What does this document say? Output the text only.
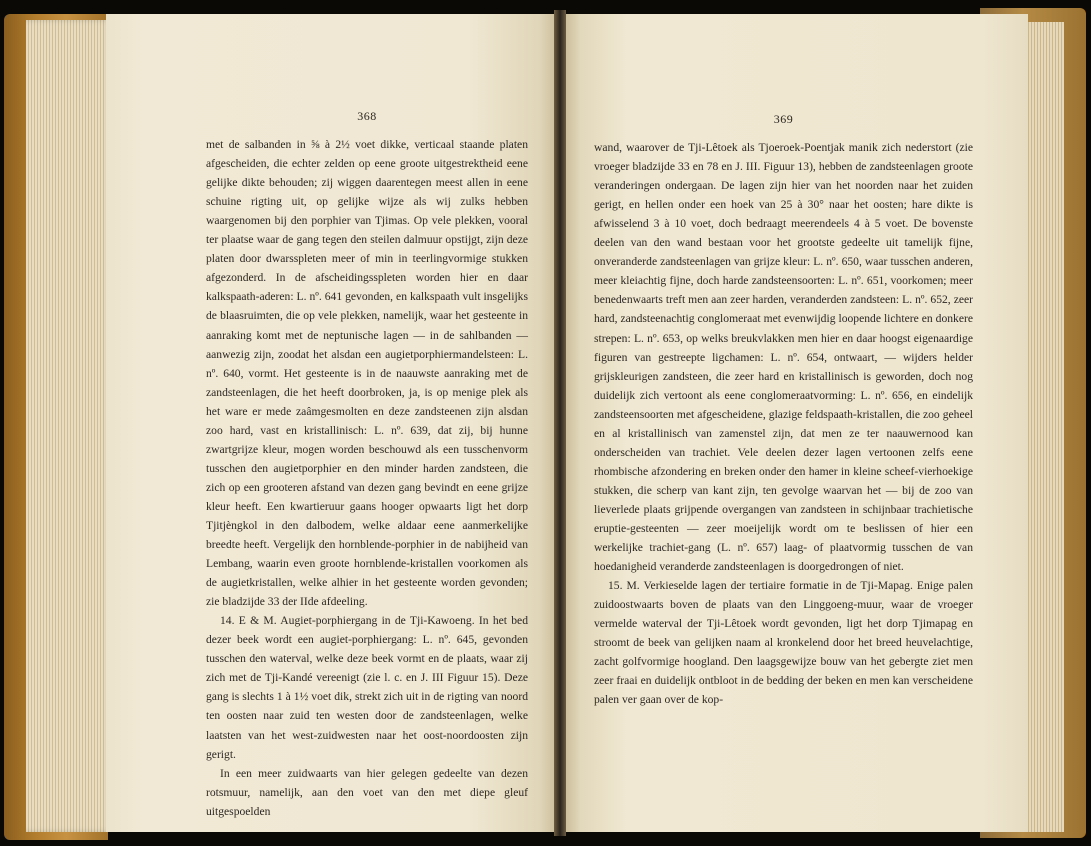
368

met de salbanden in ⅝ à 2½ voet dikke, verticaal staande platen afgescheiden, die echter zelden op eene groote uitgestrektheid eene gelijke dikte behouden; zij wiggen daarentegen meest allen in eene schuine rigting uit, op gelijke wijze als wij zulks hebben waargenomen bij den porphier van Tjimas. Op vele plekken, vooral ter plaatse waar de gang tegen den steilen dalmuur opstijgt, zijn deze platen door dwarsspleten meer of min in teerlingvormige stukken afgezonderd. In de afscheidingsspleten worden hier en daar kalkspaath-aderen: L. nº. 641 gevonden, en kalkspaath vult insgelijks de blaasruimten, die op vele plekken, namelijk, waar het gesteente in aanraking komt met de neptunische lagen — in de sahlbanden — aanwezig zijn, zoodat het alsdan een augietporphiermandelsteen: L. nº. 640, vormt. Het gesteente is in de naauwste aanraking met de zandsteenlagen, die het heeft doorbroken, ja, is op menige plek als het ware er mede zaâmgesmolten en deze zandsteenen zijn alsdan zoo hard, vast en kristallinisch: L. nº. 639, dat zij, bij hunne zwartgrijze kleur, mogen worden beschouwd als een tusschenvorm tusschen den augietporphier en den minder harden zandsteen, die zich op een grooteren afstand van dezen gang bevindt en eene grijze kleur heeft. Een kwartieruur gaans hooger opwaarts ligt het dorp Tjitjèngkol in den dalbodem, welke aldaar eene aanmerkelijke breedte heeft. Vergelijk den hornblende-porphier in de nabijheid van Lembang, waarin even groote hornblende-kristallen voorkomen als de augietkristallen, welke alhier in het gesteente worden gevonden; zie bladzijde 33 der IIde afdeeling.

14. E & M. Augiet-porphiergang in de Tji-Kawoeng. In het bed dezer beek wordt een augiet-porphiergang: L. nº. 645, gevonden tusschen den waterval, welke deze beek vormt en de plaats, waar zij zich met de Tji-Kandé vereenigt (zie l. c. en J. III Figuur 15). Deze gang is slechts 1 à 1½ voet dik, strekt zich uit in de rigting van noord ten oosten naar zuid ten westen door de zandsteenlagen, welke laatsten van het west-zuidwesten naar het oost-noordoosten zijn gerigt.

In een meer zuidwaarts van hier gelegen gedeelte van dezen rotsmuur, namelijk, aan den voet van den met diepe gleuf uitgespoelden

369

wand, waarover de Tji-Lêtoek als Tjoeroek-Poentjak manik zich nederstort (zie vroeger bladzijde 33 en 78 en J. III. Figuur 13), hebben de zandsteenlagen groote veranderingen ondergaan. De lagen zijn hier van het noorden naar het zuiden gerigt, en hellen onder een hoek van 25 à 30° naar het oosten; hare dikte is afwisselend 3 à 10 voet, doch bedraagt meerendeels 4 à 5 voet. De bovenste deelen van den wand bestaan voor het grootste gedeelte uit tamelijk fijne, onveranderde zandsteenlagen van grijze kleur: L. nº. 650, waar tusschen anderen, meer kleiachtig fijne, doch harde zandsteensoorten: L. nº. 651, voorkomen; meer benedenwaarts treft men aan zeer harden, veranderden zandsteen: L. nº. 652, zeer hard, zandsteenachtig conglomeraat met evenwijdig loopende lichtere en donkere strepen: L. nº. 653, op welks breukvlakken men hier en daar hoogst eigenaardige figuren van gestreepte ligchamen: L. nº. 654, ontwaart, — wijders helder grijskleurigen zandsteen, die zeer hard en kristallinisch is geworden, doch nog duidelijk zich vertoont als eene conglomeraatvorming: L. nº. 656, en eindelijk zandsteensoorten met afgescheidene, glazige feldspaath-kristallen, die zoo geheel en al kristallinisch van zamenstel zijn, dat men ze ter naauwernood kan onderscheiden van trachiet. Vele deelen dezer lagen vertoonen zelfs eene rhombische afzondering en breken onder den hamer in kleine scheef-vierhoekige stukken, die scherp van kant zijn, ten gevolge waarvan het — bij de zoo van lieverlede plaats grijpende overgangen van zandsteen in schijnbaar trachietische eruptie-gesteenten — zeer moeijelijk wordt om te beslissen of hier een werkelijke trachiet-gang (L. nº. 657) laag- of plaatvormig tusschen de van hoedanigheid veranderde zandsteenlagen is doorgedrongen of niet.

15. M. Verkieselde lagen der tertiaire formatie in de Tji-Mapag. Enige palen zuidoostwaarts boven de plaats van den Linggoeng-muur, waar de vroeger vermelde waterval der Tji-Lêtoek wordt gevonden, ligt het dorp Tjimapag en stroomt de beek van gelijken naam al kronkelend door het breed heuvelachtige, zacht golfvormige hoogland. Den laagsgewijze bouw van het gebergte ziet men zeer fraai en duidelijk ontbloot in de bedding der beken en men kan verscheidene palen ver gaan over de kop-
